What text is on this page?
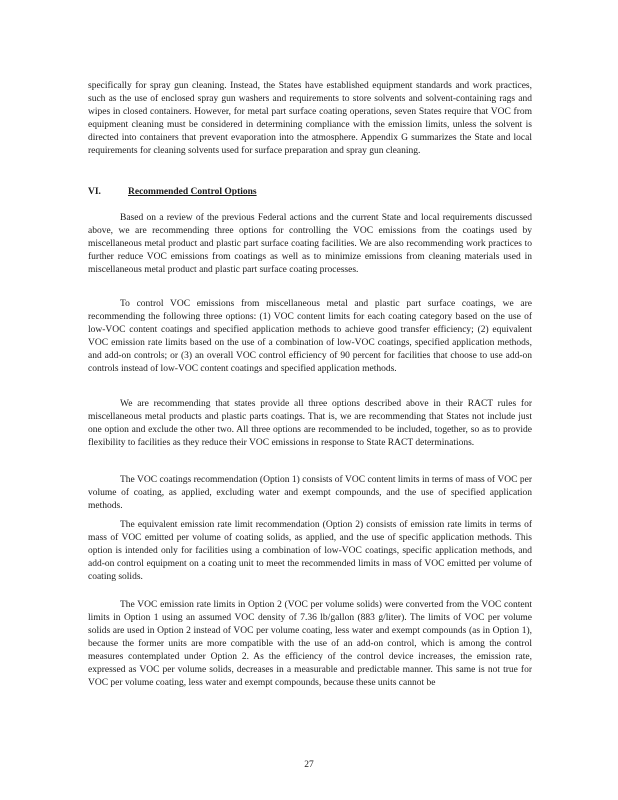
specifically for spray gun cleaning. Instead, the States have established equipment standards and work practices, such as the use of enclosed spray gun washers and requirements to store solvents and solvent-containing rags and wipes in closed containers. However, for metal part surface coating operations, seven States require that VOC from equipment cleaning must be considered in determining compliance with the emission limits, unless the solvent is directed into containers that prevent evaporation into the atmosphere. Appendix G summarizes the State and local requirements for cleaning solvents used for surface preparation and spray gun cleaning.

VI.	Recommended Control Options

Based on a review of the previous Federal actions and the current State and local requirements discussed above, we are recommending three options for controlling the VOC emissions from the coatings used by miscellaneous metal product and plastic part surface coating facilities. We are also recommending work practices to further reduce VOC emissions from coatings as well as to minimize emissions from cleaning materials used in miscellaneous metal product and plastic part surface coating processes.

To control VOC emissions from miscellaneous metal and plastic part surface coatings, we are recommending the following three options: (1) VOC content limits for each coating category based on the use of low-VOC content coatings and specified application methods to achieve good transfer efficiency; (2) equivalent VOC emission rate limits based on the use of a combination of low-VOC coatings, specified application methods, and add-on controls; or (3) an overall VOC control efficiency of 90 percent for facilities that choose to use add-on controls instead of low-VOC content coatings and specified application methods.

We are recommending that states provide all three options described above in their RACT rules for miscellaneous metal products and plastic parts coatings. That is, we are recommending that States not include just one option and exclude the other two. All three options are recommended to be included, together, so as to provide flexibility to facilities as they reduce their VOC emissions in response to State RACT determinations.

The VOC coatings recommendation (Option 1) consists of VOC content limits in terms of mass of VOC per volume of coating, as applied, excluding water and exempt compounds, and the use of specified application methods.

The equivalent emission rate limit recommendation (Option 2) consists of emission rate limits in terms of mass of VOC emitted per volume of coating solids, as applied, and the use of specific application methods. This option is intended only for facilities using a combination of low-VOC coatings, specific application methods, and add-on control equipment on a coating unit to meet the recommended limits in mass of VOC emitted per volume of coating solids.

The VOC emission rate limits in Option 2 (VOC per volume solids) were converted from the VOC content limits in Option 1 using an assumed VOC density of 7.36 lb/gallon (883 g/liter). The limits of VOC per volume solids are used in Option 2 instead of VOC per volume coating, less water and exempt compounds (as in Option 1), because the former units are more compatible with the use of an add-on control, which is among the control measures contemplated under Option 2. As the efficiency of the control device increases, the emission rate, expressed as VOC per volume solids, decreases in a measurable and predictable manner. This same is not true for VOC per volume coating, less water and exempt compounds, because these units cannot be

27
